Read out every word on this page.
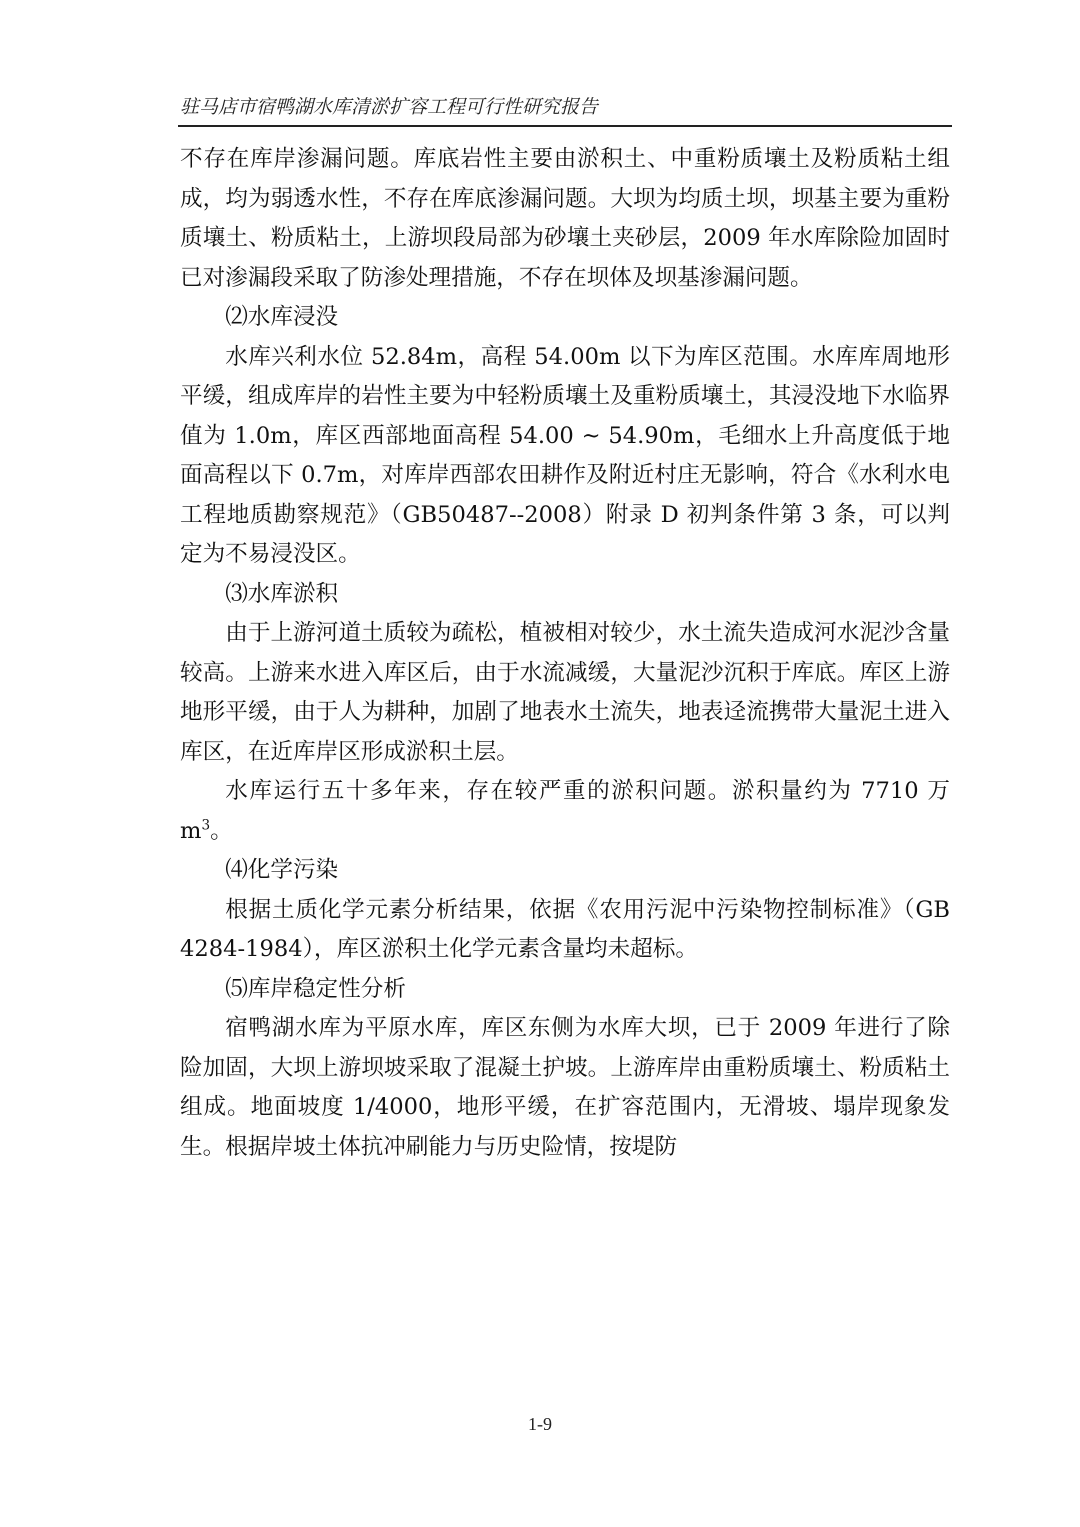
驻马店市宿鸭湖水库清淤扩容工程可行性研究报告

不存在库岸渗漏问题。库底岩性主要由淤积土、中重粉质壤土及粉质粘土组成，均为弱透水性，不存在库底渗漏问题。大坝为均质土坝，坝基主要为重粉质壤土、粉质粘土，上游坝段局部为砂壤土夹砂层，2009 年水库除险加固时已对渗漏段采取了防渗处理措施，不存在坝体及坝基渗漏问题。

⑵水库浸没

水库兴利水位 52.84m，高程 54.00m 以下为库区范围。水库库周地形平缓，组成库岸的岩性主要为中轻粉质壤土及重粉质壤土，其浸没地下水临界值为 1.0m，库区西部地面高程 54.00 ~ 54.90m，毛细水上升高度低于地面高程以下 0.7m，对库岸西部农田耕作及附近村庄无影响，符合《水利水电工程地质勘察规范》（GB50487--2008）附录 D 初判条件第 3 条，可以判定为不易浸没区。

⑶水库淤积

由于上游河道土质较为疏松，植被相对较少，水土流失造成河水泥沙含量较高。上游来水进入库区后，由于水流减缓，大量泥沙沉积于库底。库区上游地形平缓，由于人为耕种，加剧了地表水土流失，地表迳流携带大量泥土进入库区，在近库岸区形成淤积土层。

水库运行五十多年来，存在较严重的淤积问题。淤积量约为 7710 万 $m^3$。

⑷化学污染

根据土质化学元素分析结果，依据《农用污泥中污染物控制标准》（GB 4284-1984），库区淤积土化学元素含量均未超标。

⑸库岸稳定性分析

宿鸭湖水库为平原水库，库区东侧为水库大坝，已于 2009 年进行了除险加固，大坝上游坝坡采取了混凝土护坡。上游库岸由重粉质壤土、粉质粘土组成。地面坡度 1/4000，地形平缓，在扩容范围内，无滑坡、塌岸现象发生。根据岸坡土体抗冲刷能力与历史险情，按堤防

1-9
